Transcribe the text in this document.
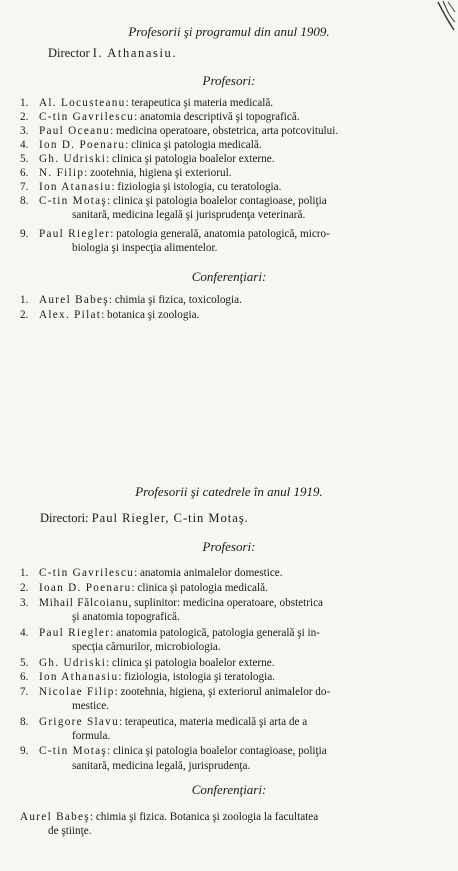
Profesorii şi programul din anul 1909.
Director I. Athanasiu.
Profesori:
1. Al. Locusteanu: terapeutica şi materia medicală.
2. C-tin Gavrilescu: anatomia descriptivă şi topografică.
3. Paul Oceanu: medicina operatoare, obstetrica, arta potcovitului.
4. Ion D. Poenaru: clinica şi patologia medicală.
5. Gh. Udriski: clinica şi patologia boalelor externe.
6. N. Filip: zootehnia, higiena şi exteriorul.
7. Ion Atanasiu: fiziologia şi istologia, cu teratologia.
8. C-tin Motaş: clinica şi patologia boalelor contagioase, poliţia
sanitară, medicina legală şi jurisprudenţa veterinară.
9. Paul Riegler: patologia generală, anatomia patologică, micro-
biologia şi inspecţia alimentelor.
Conferenţiari:
1. Aurel Babeş: chimia şi fizica, toxicologia.
2. Alex. Pilat: botanica şi zoologia.
Profesorii şi catedrele în anul 1919.
Directori: Paul Riegler, C-tin Motaş.
Profesori:
1. C-tin Gavrilescu: anatomia animalelor domestice.
2. Ioan D. Poenaru: clinica şi patologia medicală.
3. Mihail Fălcoianu, suplinitor: medicina operatoare, obstetrica
şi anatomia topografică.
4. Paul Riegler: anatomia patologică, patologia generală şi in-
specţia cărnurilor, microbiologia.
5. Gh. Udriski: clinica şi patologia boalelor externe.
6. Ion Athanasiu: fiziologia, istologia şi teratologia.
7. Nicolae Filip: zootehnia, higiena, şi exteriorul animalelor do-
mestice.
8. Grigore Slavu: terapeutica, materia medicală şi arta de a
formula.
9. C-tin Motaş: clinica şi patologia boalelor contagioase, poliţia
sanitară, medicina legală, jurisprudenţa.
Conferenţiari:
Aurel Babeş: chimia şi fizica. Botanica şi zoologia la facultatea
de ştiinţe.
